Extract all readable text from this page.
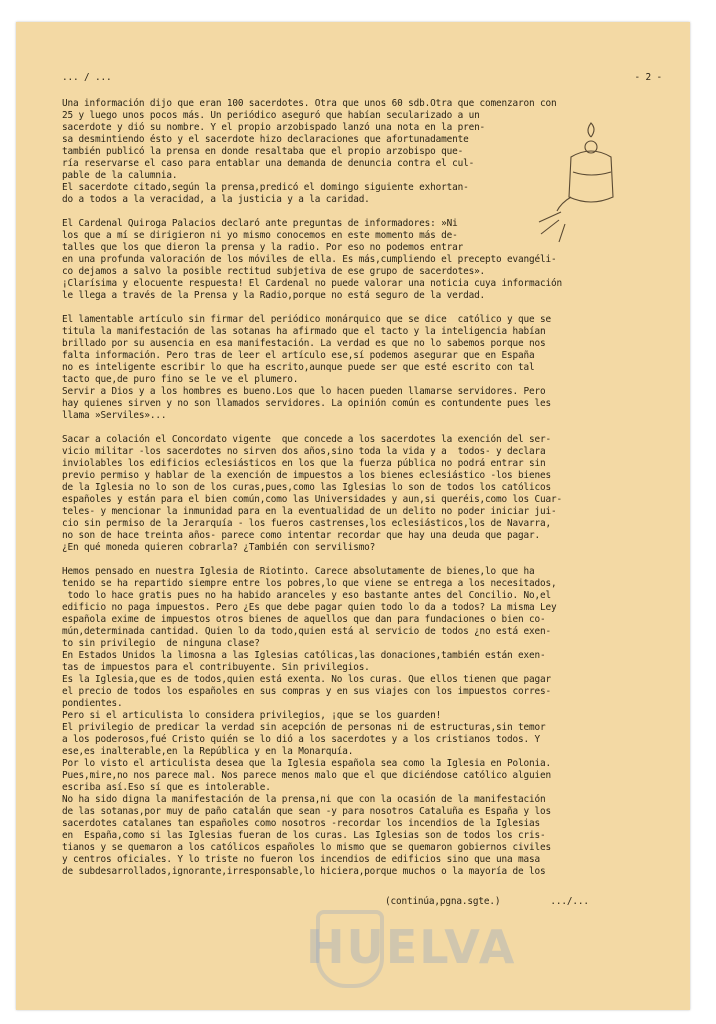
HUELVA
... / ...	- 2 -
Una información dijo que eran 100 sacerdotes. Otra que unos 60 sdb.Otra que comenzaron con
25 y luego unos pocos más. Un periódico aseguró que habían secularizado a un
sacerdote y dió su nombre. Y el propio arzobispado lanzó una nota en la pren-
sa desmintiendo ésto y el sacerdote hizo declaraciones que afortunadamente
también publicó la prensa en donde resaltaba que el propio arzobispo que-
ría reservarse el caso para entablar una demanda de denuncia contra el cul-
pable de la calumnia.
El sacerdote citado,según la prensa,predicó el domingo siguiente exhortan-
do a todos a la veracidad, a la justicia y a la caridad.
El Cardenal Quiroga Palacios declaró ante preguntas de informadores: »Ni
los que a mí se dirigieron ni yo mismo conocemos en este momento más de-
talles que los que dieron la prensa y la radio. Por eso no podemos entrar
en una profunda valoración de los móviles de ella. Es más,cumpliendo el precepto evangéli-
co dejamos a salvo la posible rectitud subjetiva de ese grupo de sacerdotes».
¡Clarísima y elocuente respuesta! El Cardenal no puede valorar una noticia cuya información
le llega a través de la Prensa y la Radio,porque no está seguro de la verdad.
El lamentable artículo sin firmar del periódico monárquico que se dice  católico y que se
titula la manifestación de las sotanas ha afirmado que el tacto y la inteligencia habían
brillado por su ausencia en esa manifestación. La verdad es que no lo sabemos porque nos
falta información. Pero tras de leer el artículo ese,sí podemos asegurar que en España
no es inteligente escribir lo que ha escrito,aunque puede ser que esté escrito con tal
tacto que,de puro fino se le ve el plumero.
Servir a Dios y a los hombres es bueno.Los que lo hacen pueden llamarse servidores. Pero
hay quienes sirven y no son llamados servidores. La opinión común es contundente pues les
llama »Serviles»...
Sacar a colación el Concordato vigente  que concede a los sacerdotes la exención del ser-
vicio militar -los sacerdotes no sirven dos años,sino toda la vida y a  todos- y declara
inviolables los edificios eclesiásticos en los que la fuerza pública no podrá entrar sin
previo permiso y hablar de la exención de impuestos a los bienes eclesiástico -los bienes
de la Iglesia no lo son de los curas,pues,como las Iglesias lo son de todos los católicos
españoles y están para el bien común,como las Universidades y aun,si queréis,como los Cuar-
teles- y mencionar la inmunidad para en la eventualidad de un delito no poder iniciar jui-
cio sin permiso de la Jerarquía - los fueros castrenses,los eclesiásticos,los de Navarra,
no son de hace treinta años- parece como intentar recordar que hay una deuda que pagar.
¿En qué moneda quieren cobrarla? ¿También con servilismo?
Hemos pensado en nuestra Iglesia de Riotinto. Carece absolutamente de bienes,lo que ha
tenido se ha repartido siempre entre los pobres,lo que viene se entrega a los necesitados,
todo lo hace gratis pues no ha habido aranceles y eso bastante antes del Concilio. No,el
edificio no paga impuestos. Pero ¿Es que debe pagar quien todo lo da a todos? La misma Ley
española exime de impuestos otros bienes de aquellos que dan para fundaciones o bien co-
mún,determinada cantidad. Quien lo da todo,quien está al servicio de todos ¿no está exen-
to sin privilegio  de ninguna clase?
En Estados Unidos la limosna a las Iglesias católicas,las donaciones,también están exen-
tas de impuestos para el contribuyente. Sin privilegios.
Es la Iglesia,que es de todos,quien está exenta. No los curas. Que ellos tienen que pagar
el precio de todos los españoles en sus compras y en sus viajes con los impuestos corres-
pondientes.
Pero si el articulista lo considera privilegios, ¡que se los guarden!
El privilegio de predicar la verdad sin acepción de personas ni de estructuras,sin temor
a los poderosos,fué Cristo quién se lo dió a los sacerdotes y a los cristianos todos. Y
ese,es inalterable,en la República y en la Monarquía.
Por lo visto el articulista desea que la Iglesia española sea como la Iglesia en Polonia.
Pues,mire,no nos parece mal. Nos parece menos malo que el que diciéndose católico alguien
escriba así.Eso sí que es intolerable.
No ha sido digna la manifestación de la prensa,ni que con la ocasión de la manifestación
de las sotanas,por muy de paño catalán que sean -y para nosotros Cataluña es España y los
sacerdotes catalanes tan españoles como nosotros -recordar los incendios de la Iglesias
en  España,como si las Iglesias fueran de los curas. Las Iglesias son de todos los cris-
tianos y se quemaron a los católicos españoles lo mismo que se quemaron gobiernos civiles
y centros oficiales. Y lo triste no fueron los incendios de edificios sino que una masa
de subdesarrollados,ignorante,irresponsable,lo hiciera,porque muchos o la mayoría de los

(continúa,pgna.sgte.)	.../...
